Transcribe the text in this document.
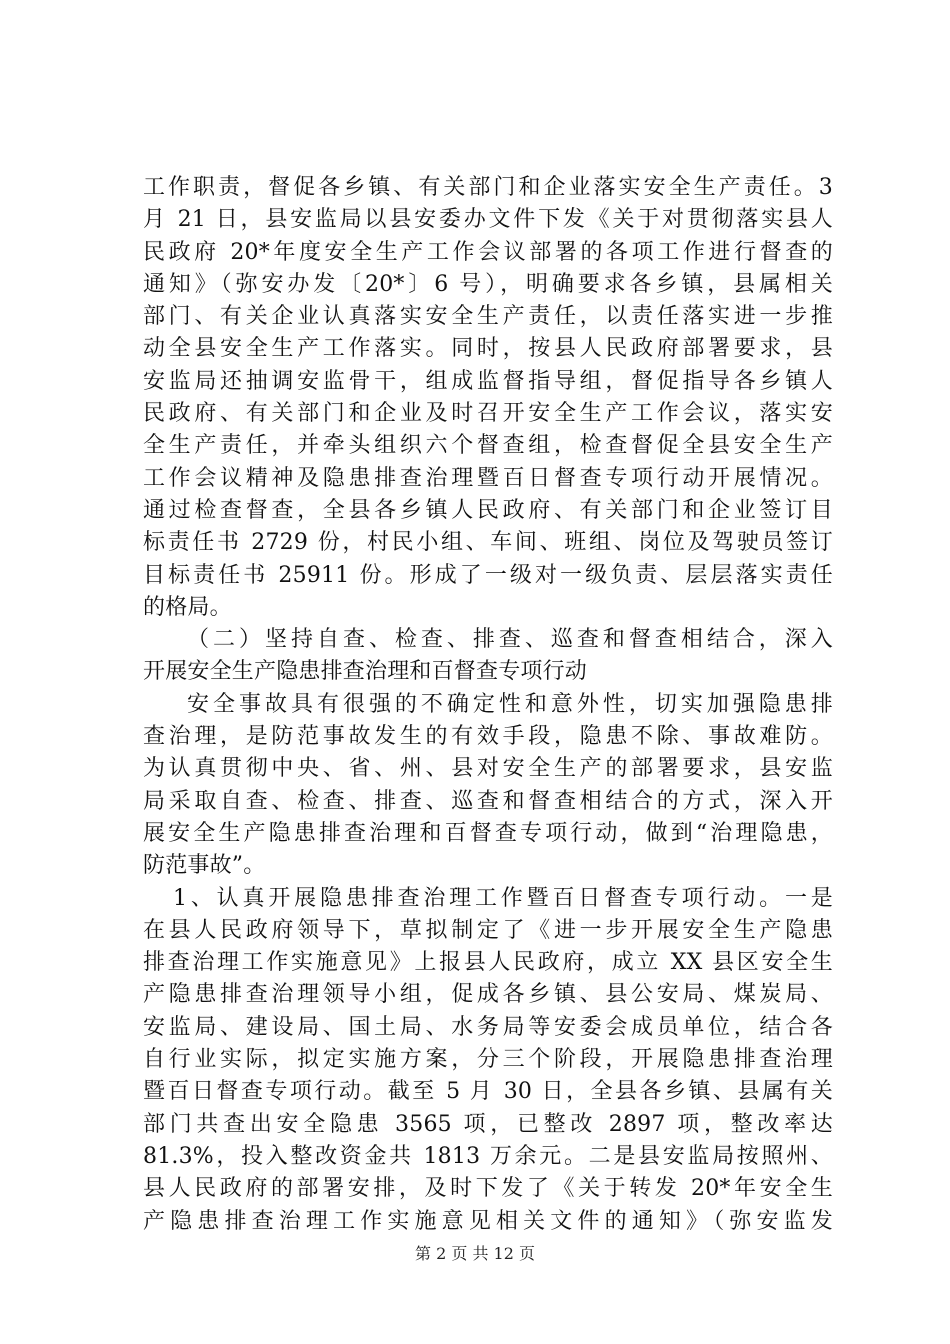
工作职责，督促各乡镇、有关部门和企业落实安全生产责任。3
月 21 日，县安监局以县安委办文件下发《关于对贯彻落实县人
民政府 20*年度安全生产工作会议部署的各项工作进行督查的
通知》（弥安办发〔20*〕6 号），明确要求各乡镇，县属相关
部门、有关企业认真落实安全生产责任，以责任落实进一步推
动全县安全生产工作落实。同时，按县人民政府部署要求，县
安监局还抽调安监骨干，组成监督指导组，督促指导各乡镇人
民政府、有关部门和企业及时召开安全生产工作会议，落实安
全生产责任，并牵头组织六个督查组，检查督促全县安全生产
工作会议精神及隐患排查治理暨百日督查专项行动开展情况。
通过检查督查，全县各乡镇人民政府、有关部门和企业签订目
标责任书 2729 份，村民小组、车间、班组、岗位及驾驶员签订
目标责任书 25911 份。形成了一级对一级负责、层层落实责任
的格局。
（二）坚持自查、检查、排查、巡查和督查相结合，深入
开展安全生产隐患排查治理和百督查专项行动
安全事故具有很强的不确定性和意外性，切实加强隐患排
查治理，是防范事故发生的有效手段，隐患不除、事故难防。
为认真贯彻中央、省、州、县对安全生产的部署要求，县安监
局采取自查、检查、排查、巡查和督查相结合的方式，深入开
展安全生产隐患排查治理和百督查专项行动，做到“治理隐患，
防范事故”。
1、认真开展隐患排查治理工作暨百日督查专项行动。一是
在县人民政府领导下，草拟制定了《进一步开展安全生产隐患
排查治理工作实施意见》上报县人民政府，成立 XX 县区安全生
产隐患排查治理领导小组，促成各乡镇、县公安局、煤炭局、
安监局、建设局、国土局、水务局等安委会成员单位，结合各
自行业实际，拟定实施方案，分三个阶段，开展隐患排查治理
暨百日督查专项行动。截至 5 月 30 日，全县各乡镇、县属有关
部门共查出安全隐患 3565 项，已整改 2897 项，整改率达
81.3%，投入整改资金共 1813 万余元。二是县安监局按照州、
县人民政府的部署安排，及时下发了《关于转发 20*年安全生
产隐患排查治理工作实施意见相关文件的通知》（弥安监发
第 2 页 共 12 页
